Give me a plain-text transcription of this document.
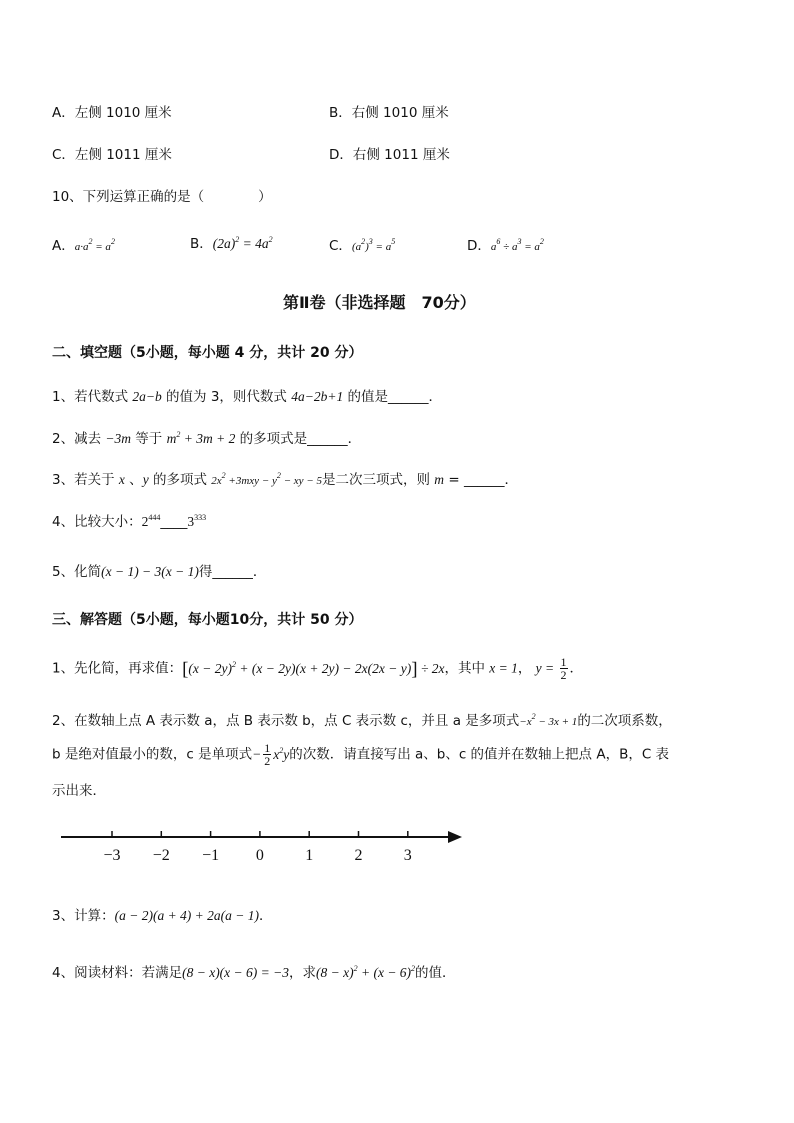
A．左侧 1010 厘米	B．右侧 1010 厘米
C．左侧 1011 厘米	D．右侧 1011 厘米
10、下列运算正确的是（　　　　）
A．$a\cdot a^2 = a^2$	B．$(2a)^2 = 4a^2$	C．$(a^2)^3 = a^5$	D．$a^6 \div a^3 = a^2$
第Ⅱ卷（非选择题　70分）
二、填空题（5小题，每小题 4 分，共计 20 分）
1、若代数式 2a−b 的值为 3，则代数式 4a−2b+1 的值是______．
2、减去 −3m 等于 $m^2 + 3m + 2$ 的多项式是______．
3、若关于 x 、y 的多项式 $2x^2 +3mxy - y^2$ − xy − 5是二次三项式，则 m = ______．
4、比较大小：$2^{444}\_\_\_\_3^{333}$
5、化简(x − 1) − 3(x − 1)得______．
三、解答题（5小题，每小题10分，共计 50 分）
1、先化简，再求值：$[(x - 2y)^2 + (x - 2y)(x + 2y) - 2x(2x - y)] \div 2x$，其中 x = 1， $y = \frac{1}{2}$ ．
2、在数轴上点 A 表示数 a，点 B 表示数 b，点 C 表示数 c，并且 a 是多项式$-x^2 - 3x + 1$的二次项系数，
b 是绝对值最小的数，c 是单项式− $\frac{1}{2} x^2y$的次数．请直接写出 a、b、c 的值并在数轴上把点 A，B，C 表
示出来．
−3 −2 −1 0	1	2	3
3、计算：(a − 2)(a + 4) + 2a(a − 1)．
4、阅读材料：若满足(8 − x)(x − 6) = −3，求$(8 - x)^2 + (x - 6)^2$的值．
